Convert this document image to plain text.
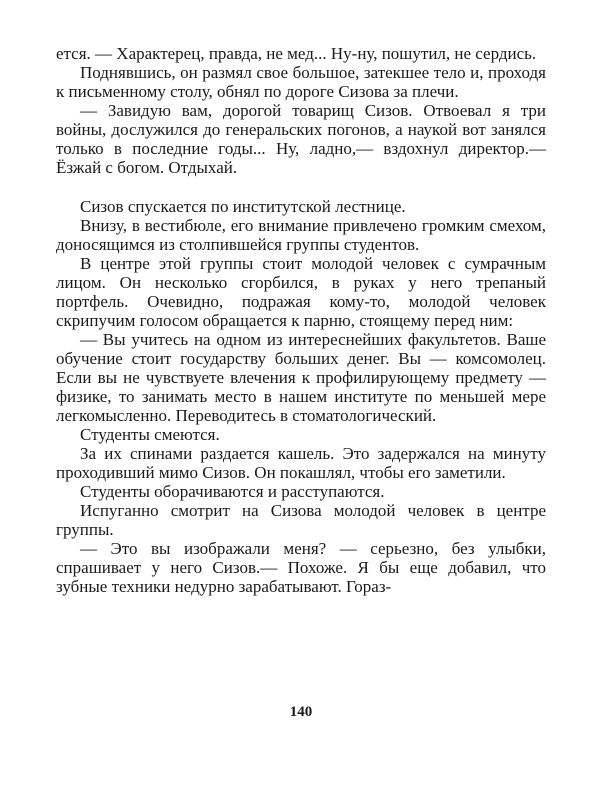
ется. — Характерец, правда, не мед... Ну-ну, пошутил, не сердись.

Поднявшись, он размял свое большое, затекшее тело и, проходя к письменному столу, обнял по дороге Сизова за плечи.

— Завидую вам, дорогой товарищ Сизов. Отвоевал я три войны, дослужился до генеральских погонов, а наукой вот занялся только в последние годы... Ну, ладно,— вздохнул директор.— Ёзжай с богом. Отдыхай.

Сизов спускается по институтской лестнице.

Внизу, в вестибюле, его внимание привлечено громким смехом, доносящимся из столпившейся группы студентов.

В центре этой группы стоит молодой человек с сумрачным лицом. Он несколько сгорбился, в руках у него трепаный портфель. Очевидно, подражая кому-то, молодой человек скрипучим голосом обращается к парню, стоящему перед ним:

— Вы учитесь на одном из интереснейших факультетов. Ваше обучение стоит государству больших денег. Вы — комсомолец. Если вы не чувствуете влечения к профилирующему предмету — физике, то занимать место в нашем институте по меньшей мере легкомысленно. Переводитесь в стоматологический.

Студенты смеются.

За их спинами раздается кашель. Это задержался на минуту проходивший мимо Сизов. Он покашлял, чтобы его заметили.

Студенты оборачиваются и расступаются.

Испуганно смотрит на Сизова молодой человек в центре группы.

— Это вы изображали меня? — серьезно, без улыбки, спрашивает у него Сизов.— Похоже. Я бы еще добавил, что зубные техники недурно зарабатывают. Гораз-

140
